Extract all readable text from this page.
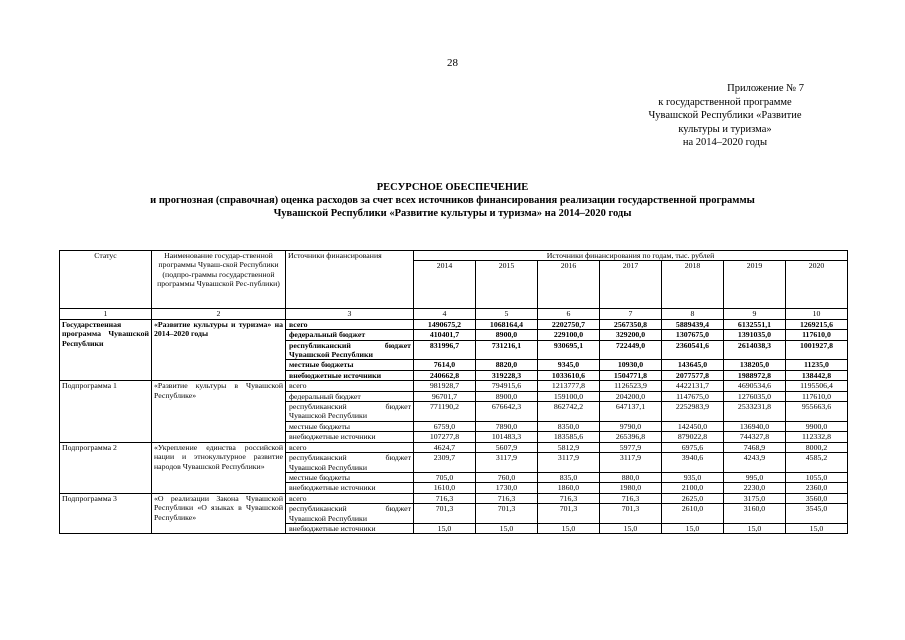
28
Приложение № 7
к государственной программе
Чувашской Республики «Развитие
культуры и туризма»
на 2014–2020 годы
РЕСУРСНОЕ ОБЕСПЕЧЕНИЕ
и прогнозная (справочная) оценка расходов за счет всех источников финансирования реализации государственной программы
Чувашской Республики «Развитие культуры и туризма» на 2014–2020 годы
Статус	Наименование государ-ственной программы Чуваш-ской Республики (подпро-граммы государственной программы Чувашской Рес-публики)	Источники финансирования	Источники финансирования по годам, тыс. рублей						
			2014	2015	2016	2017	2018	2019	2020
1	2	3	4	5	6	7	8	9	10
Государственная программа Чувашской Республики	«Развитие культуры и туризма» на 2014–2020 годы	всего	1490675,2	1068164,4	2202750,7	2567350,8	5889439,4	6132551,1	1269215,6
		федеральный бюджет	410401,7	8900,0	229100,0	329200,0	1307675,0	1391035,0	117610,0
		республиканский бюджет Чувашской Республики	831996,7	731216,1	930695,1	722449,0	2360541,6	2614038,3	1001927,8
		местные бюджеты	7614,0	8820,0	9345,0	10930,0	143645,0	138205,0	11235,0
		внебюджетные источники	240662,8	319228,3	1033610,6	1504771,8	2077577,8	1988972,8	138442,8
Подпрограмма 1	«Развитие культуры в Чувашской Республике»	всего	981928,7	794915,6	1213777,8	1126523,9	4422131,7	4690534,6	1195506,4
		федеральный бюджет	96701,7	8900,0	159100,0	204200,0	1147675,0	1276035,0	117610,0
		республиканский бюджет Чувашской Республики	771190,2	676642,3	862742,2	647137,1	2252983,9	2533231,8	955663,6
		местные бюджеты	6759,0	7890,0	8350,0	9790,0	142450,0	136940,0	9900,0
		внебюджетные источники	107277,8	101483,3	183585,6	265396,8	879022,8	744327,8	112332,8
Подпрограмма 2	«Укрепление единства российской нации и этнокультурное развитие народов Чувашской Республики»	всего	4624,7	5607,9	5812,9	5977,9	6975,6	7468,9	8000,2
		республиканский бюджет Чувашской Республики	2309,7	3117,9	3117,9	3117,9	3940,6	4243,9	4585,2
		местные бюджеты	705,0	760,0	835,0	880,0	935,0	995,0	1055,0
		внебюджетные источники	1610,0	1730,0	1860,0	1980,0	2100,0	2230,0	2360,0
Подпрограмма 3	«О реализации Закона Чувашской Республики «О языках в Чувашской Республике»	всего	716,3	716,3	716,3	716,3	2625,0	3175,0	3560,0
		республиканский бюджет Чувашской Республики	701,3	701,3	701,3	701,3	2610,0	3160,0	3545,0
		внебюджетные источники	15,0	15,0	15,0	15,0	15,0	15,0	15,0
